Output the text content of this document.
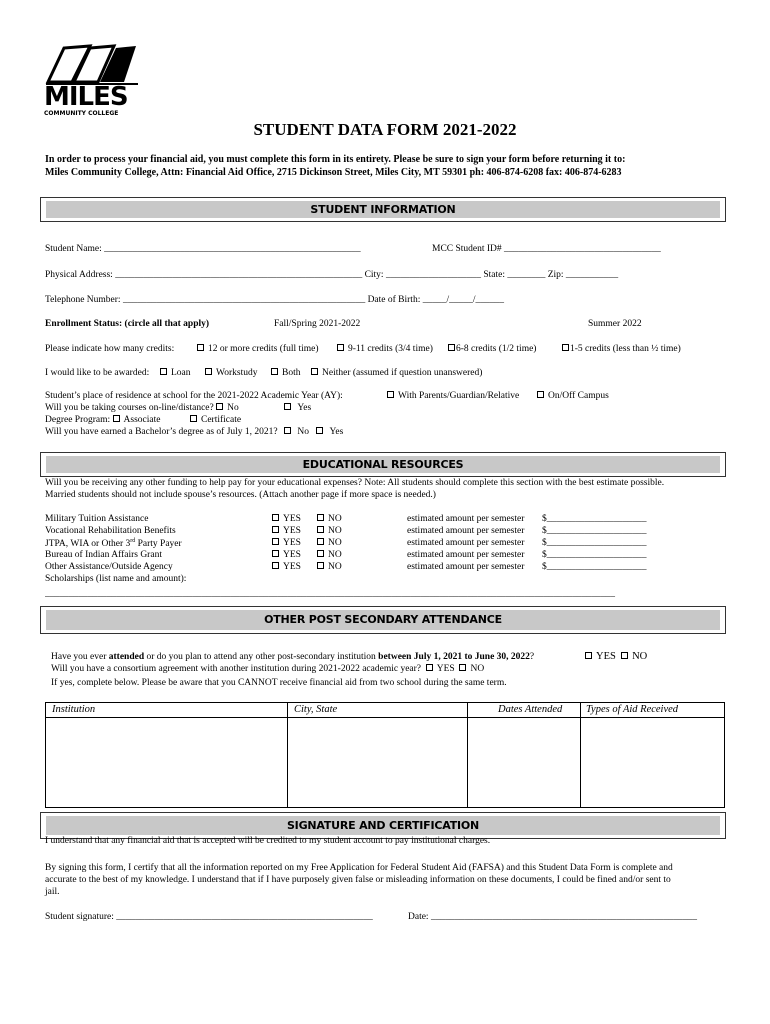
MILES
COMMUNITY COLLEGE
STUDENT DATA FORM 2021-2022
In order to process your financial aid, you must complete this form in its entirety. Please be sure to sign your form before returning it to:
Miles Community College, Attn: Financial Aid Office, 2715 Dickinson Street, Miles City, MT 59301 ph: 406-874-6208 fax: 406-874-6283
STUDENT INFORMATION
Student Name: ______________________________________________________	MCC Student ID# _________________________________
Physical Address: ____________________________________________________ City: ____________________ State: ________ Zip: ___________
Telephone Number: ___________________________________________________ Date of Birth: _____/_____/______
Enrollment Status: (circle all that apply)	Fall/Spring 2021-2022	Summer 2022
Please indicate how many credits:	12 or more credits (full time)	9-11 credits (3/4 time)	6-8 credits (1/2 time)	1-5 credits (less than ½ time)
I would like to be awarded:	Loan	Workstudy	Both	Neither (assumed if question unanswered)
Student’s place of residence at school for the 2021-2022 Academic Year (AY):	With Parents/Guardian/Relative	On/Off Campus
Will you be taking courses on-line/distance? No	Yes
Degree Program: Associate	Certificate
Will you have earned a Bachelor’s degree as of July 1, 2021? No Yes
EDUCATIONAL RESOURCES
Will you be receiving any other funding to help pay for your educational expenses? Note: All students should complete this section with the best estimate possible.
Married students should not include spouse’s resources. (Attach another page if more space is needed.)
Military Tuition Assistance	YES	NO	estimated amount per semester $_____________________
Vocational Rehabilitation Benefits	YES	NO	estimated amount per semester $_____________________
JTPA, WIA or Other 3rd Party Payer	YES	NO	estimated amount per semester $_____________________
Bureau of Indian Affairs Grant	YES	NO	estimated amount per semester $_____________________
Other Assistance/Outside Agency	YES	NO	estimated amount per semester $_____________________
Scholarships (list name and amount):
________________________________________________________________________________________________________________________
OTHER POST SECONDARY ATTENDANCE
Have you ever attended or do you plan to attend any other post-secondary institution between July 1, 2021 to June 30, 2022?	YES NO
Will you have a consortium agreement with another institution during 2021-2022 academic year? YES NO
If yes, complete below. Please be aware that you CANNOT receive financial aid from two school during the same term.
Institution	City, State	Dates Attended Types of Aid Received
SIGNATURE AND CERTIFICATION
I understand that any financial aid that is accepted will be credited to my student account to pay institutional charges.
By signing this form, I certify that all the information reported on my Free Application for Federal Student Aid (FAFSA) and this Student Data Form is complete and
accurate to the best of my knowledge. I understand that if I have purposely given false or misleading information on these documents, I could be fined and/or sent to
jail.
Student signature: ______________________________________________________	Date: ________________________________________________________
